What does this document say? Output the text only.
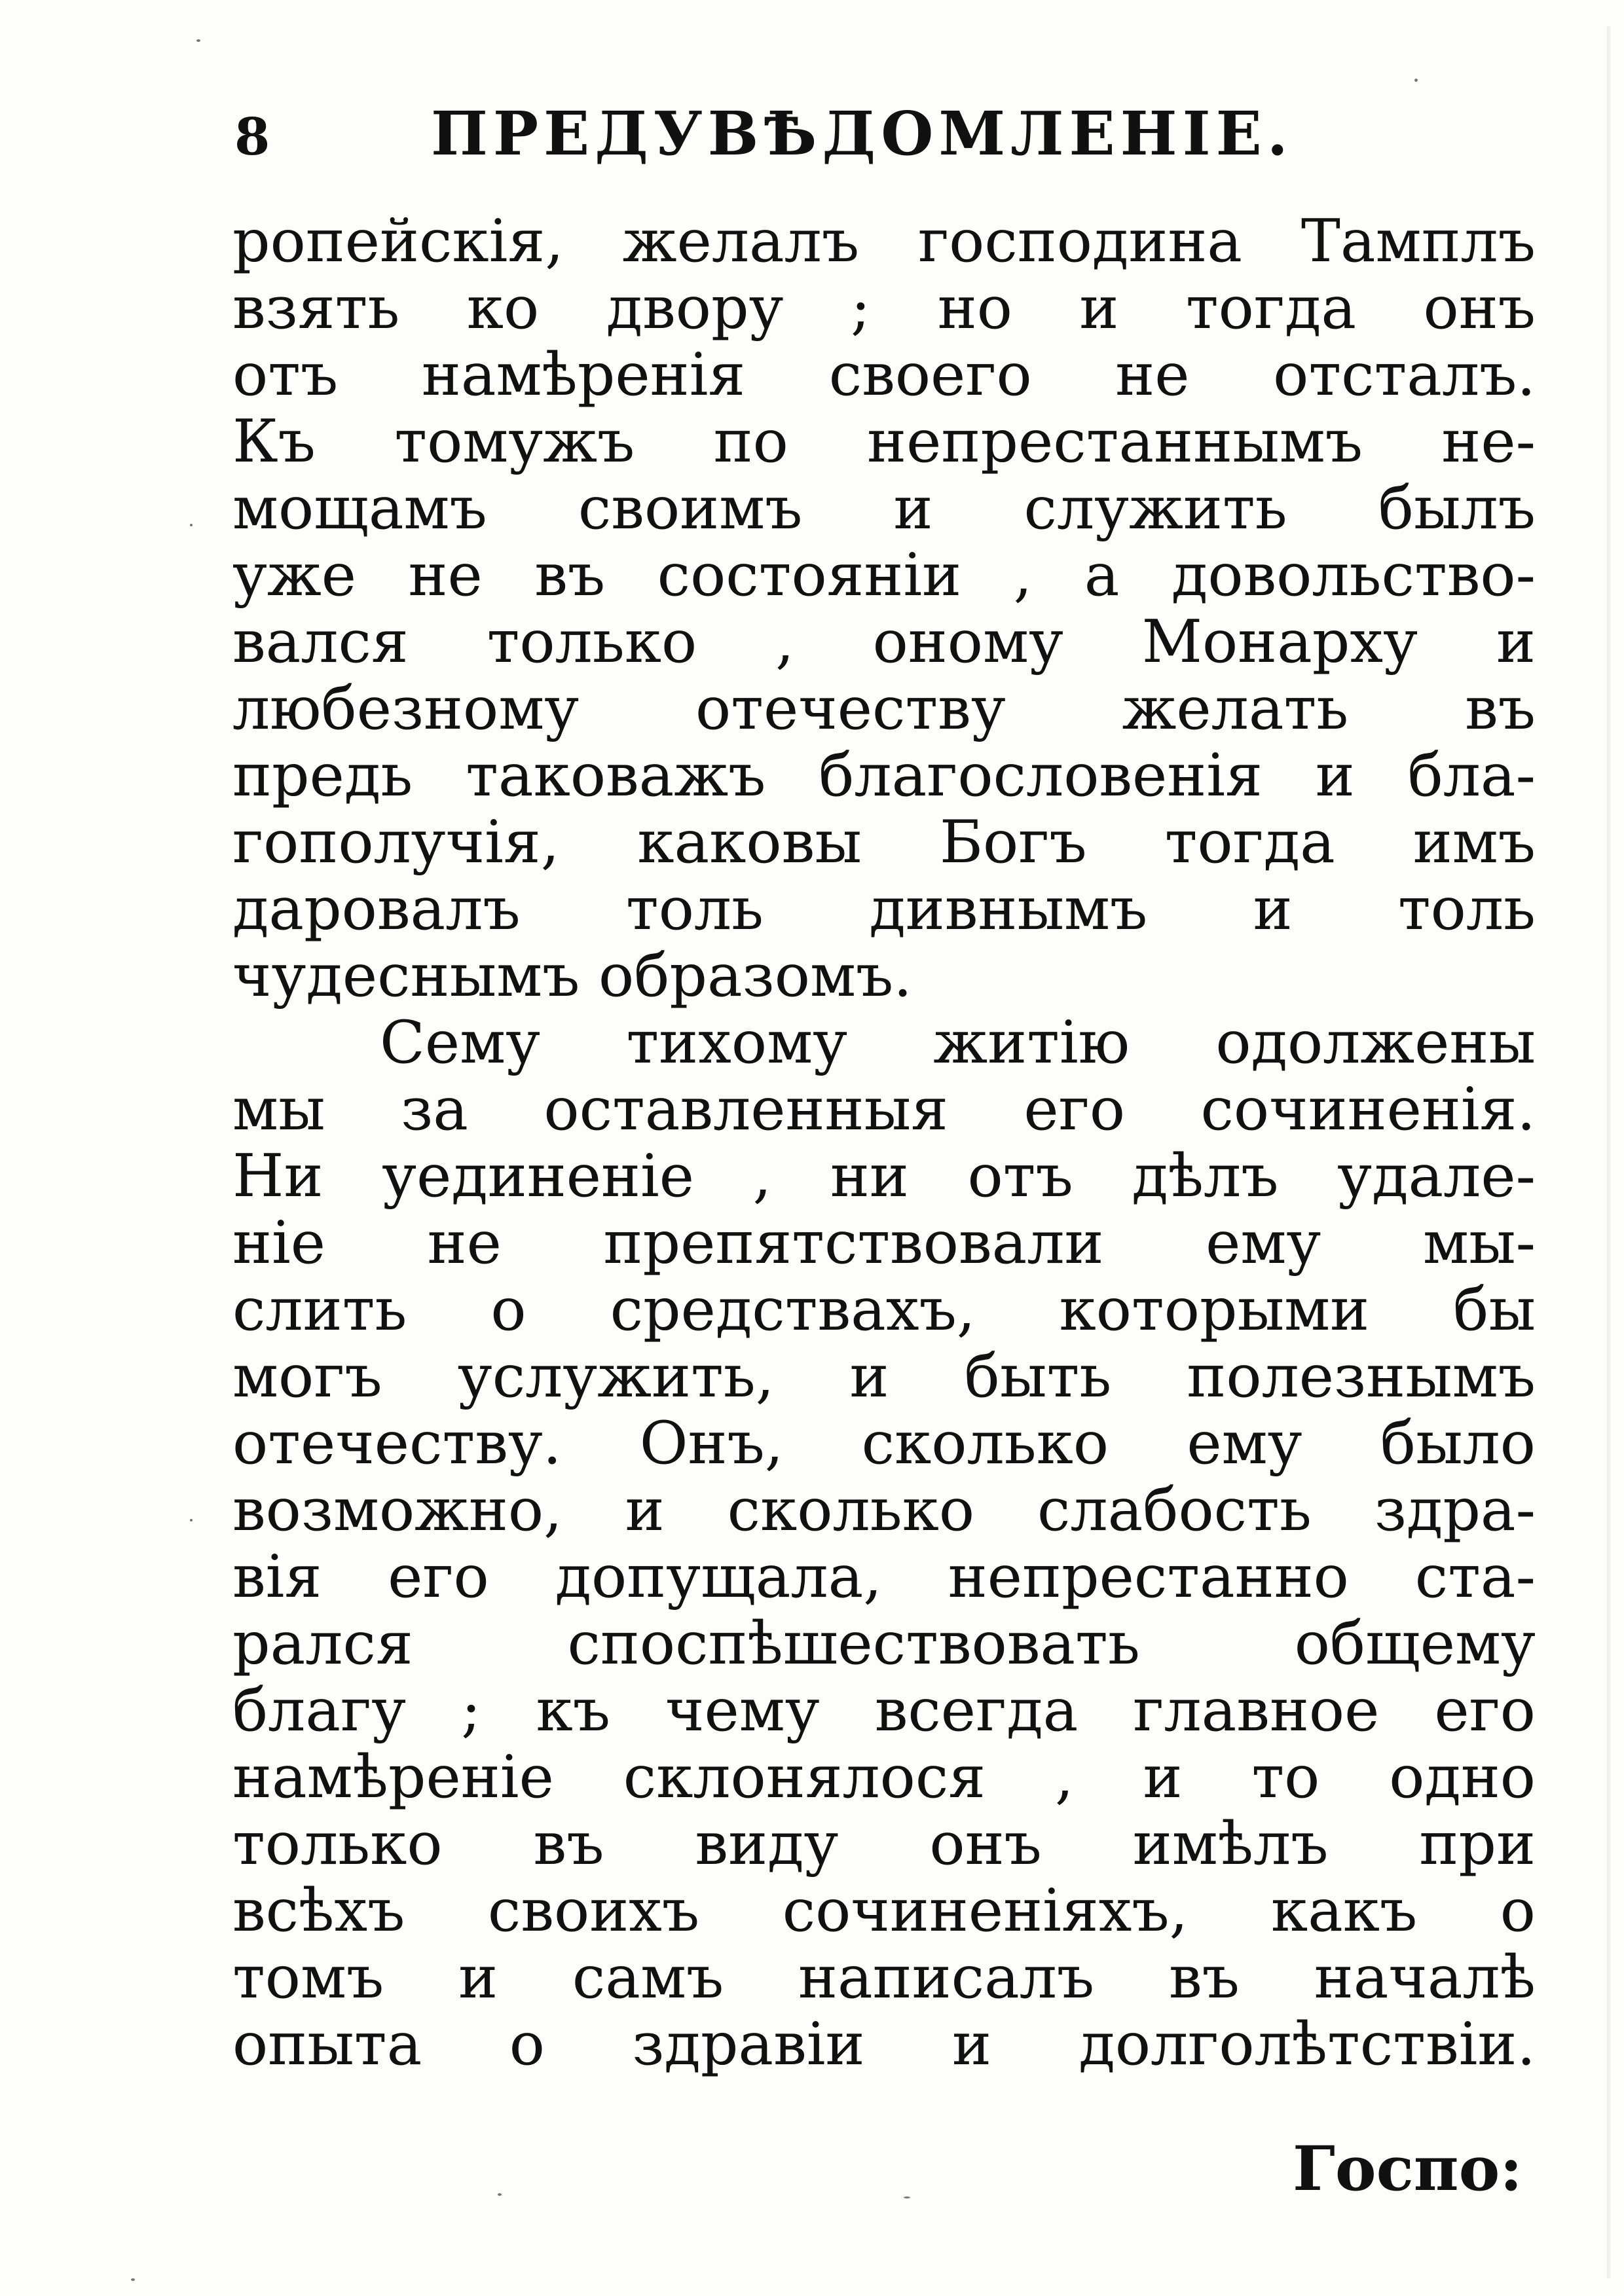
8	ПРЕДУВѢДОМЛЕНІЕ.
ропейскія, желалъ господина Тамплъ
взять ко двору ; но и тогда онъ
отъ намѣренія своего не отсталъ.
Къ томужъ по непрестаннымъ не-
мощамъ своимъ и служить былъ
уже не въ состояніи , а довольство-
вался только , оному Монарху и
любезному отечеству желать въ
предь таковажъ благословенія и бла-
гополучія, каковы Богъ тогда имъ
даровалъ толь дивнымъ и толь
чудеснымъ образомъ.
Сему тихому житію одолжены
мы за оставленныя его сочиненія.
Ни уединеніе , ни отъ дѣлъ удале-
ніе не препятствовали ему мы-
слить о средствахъ, которыми бы
могъ услужить, и быть полезнымъ
отечеству. Онъ, сколько ему было
возможно, и сколько слабость здра-
вія его допущала, непрестанно ста-
рался споспѣшествовать общему
благу ; къ чему всегда главное его
намѣреніе склонялося , и то одно
только въ виду онъ имѣлъ при
всѣхъ своихъ сочиненіяхъ, какъ о
томъ и самъ написалъ въ началѣ
опыта о здравіи и долголѣтствіи.
Госпо:
